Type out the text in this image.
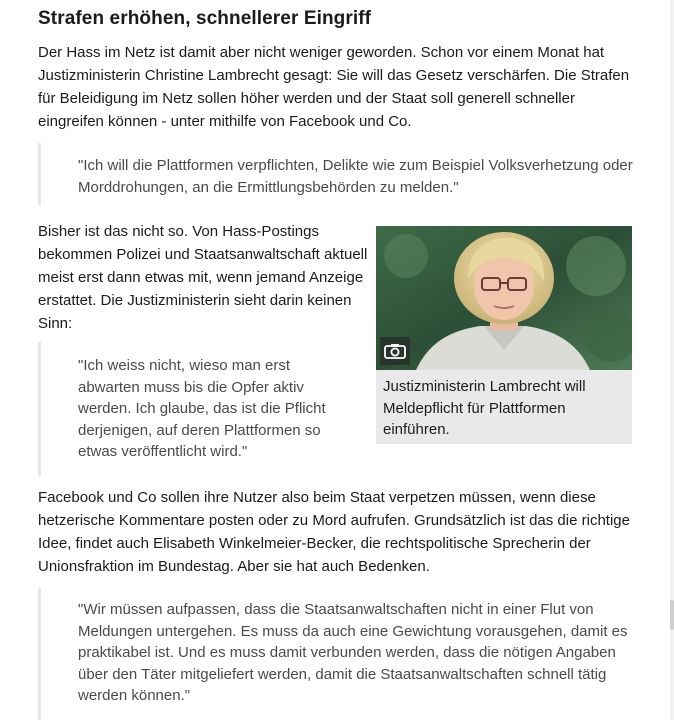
Strafen erhöhen, schnellerer Eingriff

Der Hass im Netz ist damit aber nicht weniger geworden. Schon vor einem Monat hat Justizministerin Christine Lambrecht gesagt: Sie will das Gesetz verschärfen. Die Strafen für Beleidigung im Netz sollen höher werden und der Staat soll generell schneller eingreifen können - unter mithilfe von Facebook und Co.

"Ich will die Plattformen verpflichten, Delikte wie zum Beispiel Volksverhetzung oder Morddrohungen, an die Ermittlungsbehörden zu melden."

Bisher ist das nicht so. Von Hass-Postings bekommen Polizei und Staatsanwaltschaft aktuell meist erst dann etwas mit, wenn jemand Anzeige erstattet. Die Justizministerin sieht darin keinen Sinn:

Justizministerin Lambrecht will Meldepflicht für Plattformen einführen.
"Ich weiss nicht, wieso man erst abwarten muss bis die Opfer aktiv werden. Ich glaube, das ist die Pflicht derjenigen, auf deren Plattformen so etwas veröffentlicht wird."

Facebook und Co sollen ihre Nutzer also beim Staat verpetzen müssen, wenn diese hetzerische Kommentare posten oder zu Mord aufrufen. Grundsätzlich ist das die richtige Idee, findet auch Elisabeth Winkelmeier-Becker, die rechtspolitische Sprecherin der Unionsfraktion im Bundestag. Aber sie hat auch Bedenken.

"Wir müssen aufpassen, dass die Staatsanwaltschaften nicht in einer Flut von Meldungen untergehen. Es muss da auch eine Gewichtung vorausgehen, damit es praktikabel ist. Und es muss damit verbunden werden, dass die nötigen Angaben über den Täter mitgeliefert werden, damit die Staatsanwaltschaften schnell tätig werden können."
